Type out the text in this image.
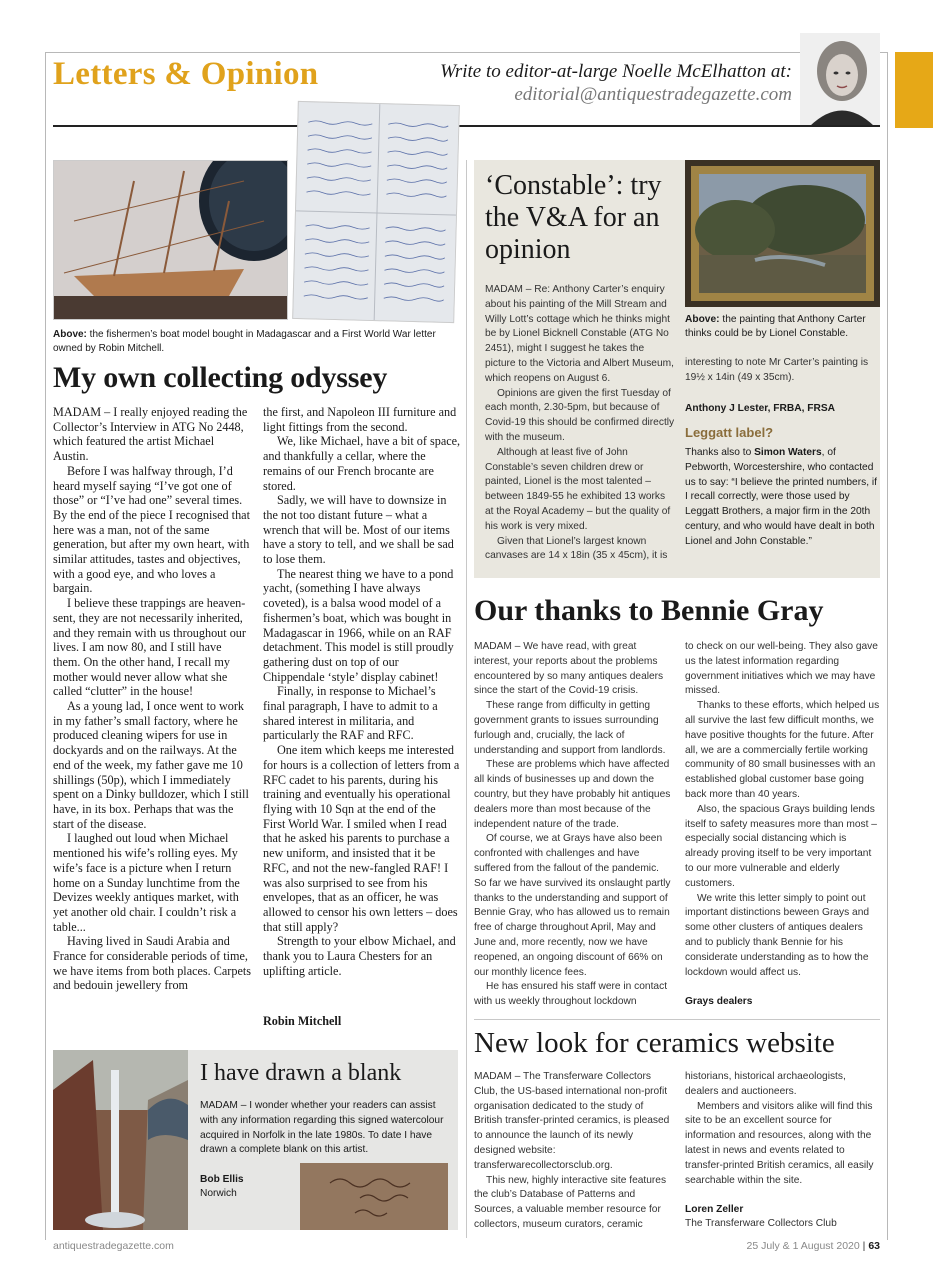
Letters & Opinion	Write to editor-at-large Noelle McElhatton at:
editorial@antiquestradegazette.com
Above: the fishermen’s boat model bought in Madagascar and a First World War letter owned by Robin Mitchell.
My own collecting odyssey

MADAM – I really enjoyed reading the Collector’s Interview in ATG No 2448, which featured the artist Michael Austin.

Before I was halfway through, I’d heard myself saying “I’ve got one of those” or “I’ve had one” several times. By the end of the piece I recognised that here was a man, not of the same generation, but after my own heart, with similar attitudes, tastes and objectives, with a good eye, and who loves a bargain.

I believe these trappings are heaven-sent, they are not necessarily inherited, and they remain with us throughout our lives. I am now 80, and I still have them. On the other hand, I recall my mother would never allow what she called “clutter” in the house!

As a young lad, I once went to work in my father’s small factory, where he produced cleaning wipers for use in dockyards and on the railways. At the end of the week, my father gave me 10 shillings (50p), which I immediately spent on a Dinky bulldozer, which I still have, in its box. Perhaps that was the start of the disease.

I laughed out loud when Michael mentioned his wife’s rolling eyes. My wife’s face is a picture when I return home on a Sunday lunchtime from the Devizes weekly antiques market, with yet another old chair. I couldn’t risk a table...

Having lived in Saudi Arabia and France for considerable periods of time, we have items from both places. Carpets and bedouin jewellery from

the first, and Napoleon III furniture and light fittings from the second.

We, like Michael, have a bit of space, and thankfully a cellar, where the remains of our French brocante are stored.

Sadly, we will have to downsize in the not too distant future – what a wrench that will be. Most of our items have a story to tell, and we shall be sad to lose them.

The nearest thing we have to a pond yacht, (something I have always coveted), is a balsa wood model of a fishermen’s boat, which was bought in Madagascar in 1966, while on an RAF detachment. This model is still proudly gathering dust on top of our Chippendale ‘style’ display cabinet!

Finally, in response to Michael’s final paragraph, I have to admit to a shared interest in militaria, and particularly the RAF and RFC.

One item which keeps me interested for hours is a collection of letters from a RFC cadet to his parents, during his training and eventually his operational flying with 10 Sqn at the end of the First World War. I smiled when I read that he asked his parents to purchase a new uniform, and insisted that it be RFC, and not the new-fangled RAF! I was also surprised to see from his envelopes, that as an officer, he was allowed to censor his own letters – does that still apply?

Strength to your elbow Michael, and thank you to Laura Chesters for an uplifting article.

Robin Mitchell
‘Constable’: try the V&A for an opinion

MADAM – Re: Anthony Carter’s enquiry about his painting of the Mill Stream and Willy Lott’s cottage which he thinks might be by Lionel Bicknell Constable (ATG No 2451), might I suggest he takes the picture to the Victoria and Albert Museum, which reopens on August 6.

Opinions are given the first Tuesday of each month, 2.30-5pm, but because of Covid-19 this should be confirmed directly with the museum.

Although at least five of John Constable’s seven children drew or painted, Lionel is the most talented – between 1849-55 he exhibited 13 works at the Royal Academy – but the quality of his work is very mixed.

Given that Lionel’s largest known canvases are 14 x 18in (35 x 45cm), it is

Above: the painting that Anthony Carter thinks could be by Lionel Constable.
interesting to note Mr Carter’s painting is 19½ x 14in (49 x 35cm).
Anthony J Lester, FRBA, FRSA
Leggatt label?
Thanks also to Simon Waters, of Pebworth, Worcestershire, who contacted us to say: “I believe the printed numbers, if I recall correctly, were those used by Leggatt Brothers, a major firm in the 20th century, and who would have dealt in both Lionel and John Constable.”
Our thanks to Bennie Gray

MADAM – We have read, with great interest, your reports about the problems encountered by so many antiques dealers since the start of the Covid-19 crisis.

These range from difficulty in getting government grants to issues surrounding furlough and, crucially, the lack of understanding and support from landlords.

These are problems which have affected all kinds of businesses up and down the country, but they have probably hit antiques dealers more than most because of the independent nature of the trade.

Of course, we at Grays have also been confronted with challenges and have suffered from the fallout of the pandemic. So far we have survived its onslaught partly thanks to the understanding and support of Bennie Gray, who has allowed us to remain free of charge throughout April, May and June and, more recently, now we have reopened, an ongoing discount of 66% on our monthly licence fees.

He has ensured his staff were in contact with us weekly throughout lockdown

to check on our well-being. They also gave us the latest information regarding government initiatives which we may have missed.

Thanks to these efforts, which helped us all survive the last few difficult months, we have positive thoughts for the future. After all, we are a commercially fertile working community of 80 small businesses with an established global customer base going back more than 40 years.

Also, the spacious Grays building lends itself to safety measures more than most – especially social distancing which is already proving itself to be very important to our more vulnerable and elderly customers.

We write this letter simply to point out important distinctions beween Grays and some other clusters of antiques dealers and to publicly thank Bennie for his considerate understanding as to how the lockdown would affect us.

Grays dealers
New look for ceramics website

MADAM – The Transferware Collectors Club, the US-based international non-profit organisation dedicated to the study of British transfer-printed ceramics, is pleased to announce the launch of its newly designed website: transferwarecollectorsclub.org.

This new, highly interactive site features the club’s Database of Patterns and Sources, a valuable member resource for collectors, museum curators, ceramic

historians, historical archaeologists, dealers and auctioneers.

Members and visitors alike will find this site to be an excellent source for information and resources, along with the latest in news and events related to transfer-printed British ceramics, all easily searchable within the site.

Loren Zeller
The Transferware Collectors Club
I have drawn a blank
MADAM – I wonder whether your readers can assist with any information regarding this signed watercolour acquired in Norfolk in the late 1980s. To date I have drawn a complete blank on this artist.
Bob Ellis
Norwich
antiquestradegazette.com	25 July & 1 August 2020 | 63
